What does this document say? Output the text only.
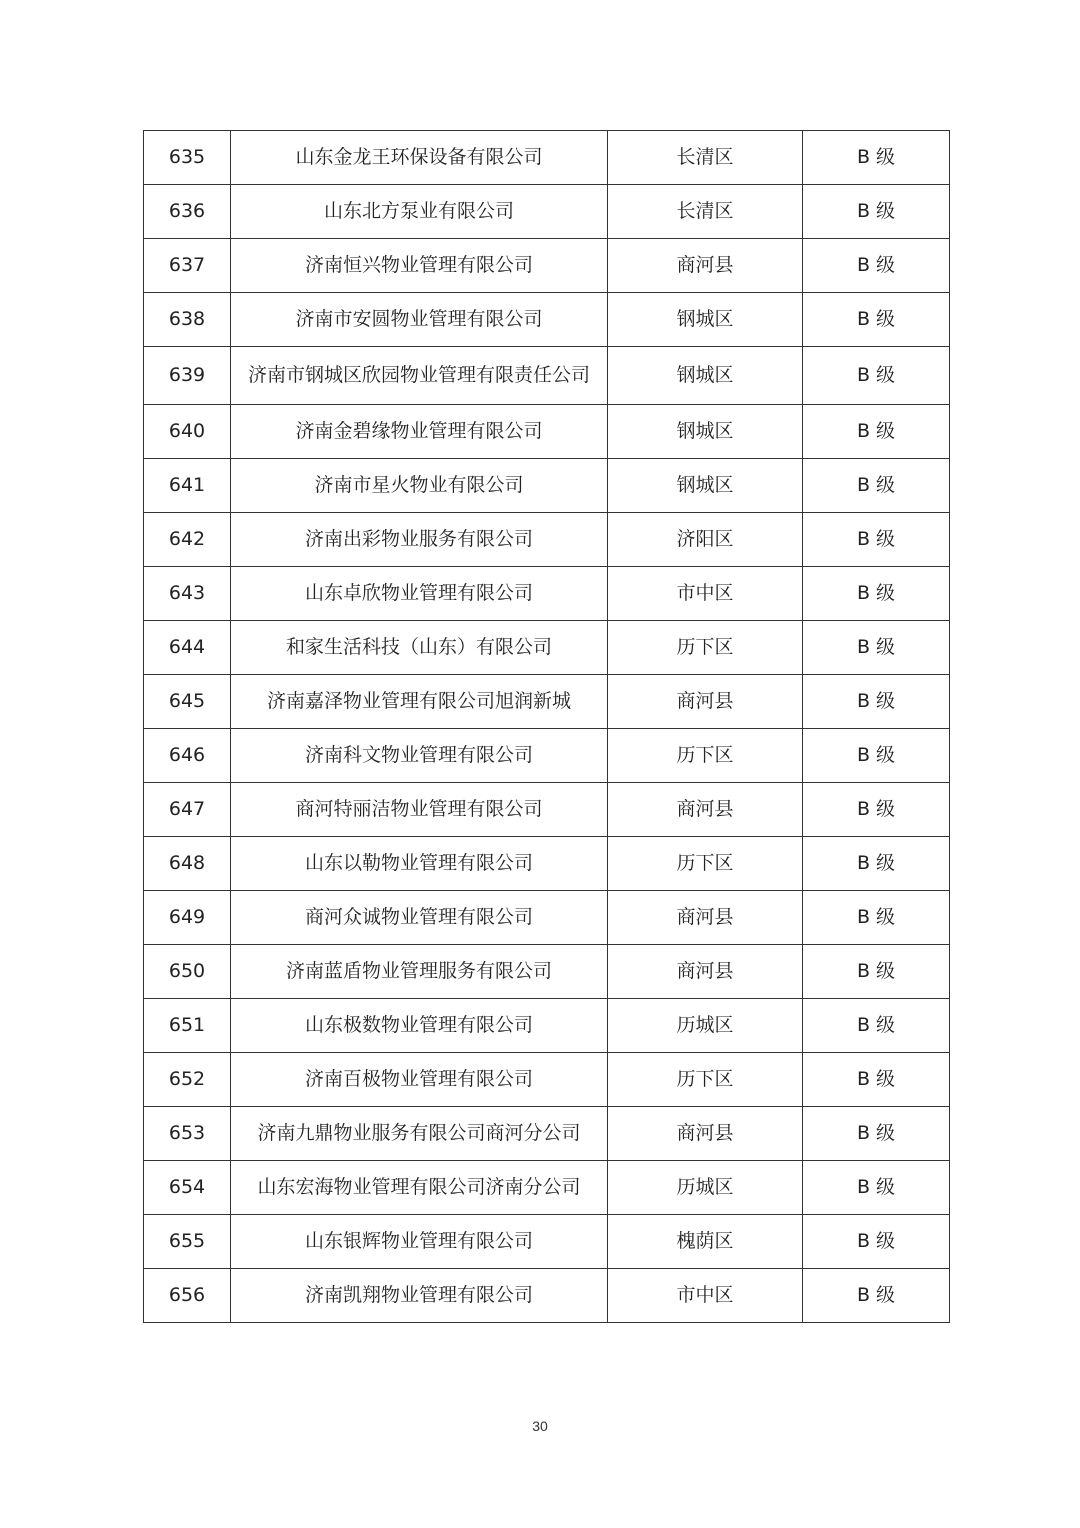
635	山东金龙王环保设备有限公司	长清区	B 级
636	山东北方泵业有限公司	长清区	B 级
637	济南恒兴物业管理有限公司	商河县	B 级
638	济南市安圆物业管理有限公司	钢城区	B 级
639	济南市钢城区欣园物业管理有限责任公司	钢城区	B 级
640	济南金碧缘物业管理有限公司	钢城区	B 级
641	济南市星火物业有限公司	钢城区	B 级
642	济南出彩物业服务有限公司	济阳区	B 级
643	山东卓欣物业管理有限公司	市中区	B 级
644	和家生活科技（山东）有限公司	历下区	B 级
645	济南嘉泽物业管理有限公司旭润新城	商河县	B 级
646	济南科文物业管理有限公司	历下区	B 级
647	商河特丽洁物业管理有限公司	商河县	B 级
648	山东以勒物业管理有限公司	历下区	B 级
649	商河众诚物业管理有限公司	商河县	B 级
650	济南蓝盾物业管理服务有限公司	商河县	B 级
651	山东极数物业管理有限公司	历城区	B 级
652	济南百极物业管理有限公司	历下区	B 级
653	济南九鼎物业服务有限公司商河分公司	商河县	B 级
654	山东宏海物业管理有限公司济南分公司	历城区	B 级
655	山东银辉物业管理有限公司	槐荫区	B 级
656	济南凯翔物业管理有限公司	市中区	B 级
30
